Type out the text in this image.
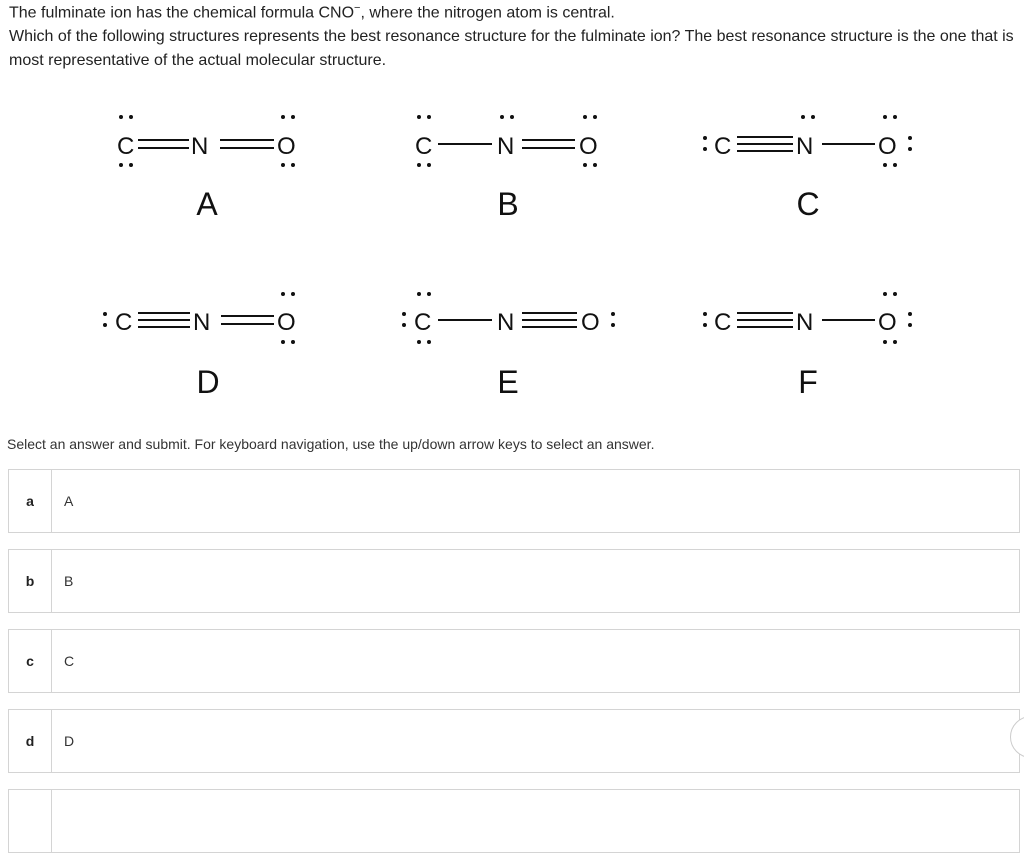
The fulminate ion has the chemical formula CNO−, where the nitrogen atom is central.
Which of the following structures represents the best resonance structure for the fulminate ion? The best resonance structure is the one that is most representative of the actual molecular structure.
C N	O
A
C	N	O
B
C	N	O
C
C	N	O
D
C	N	O
E
C	N	O
F
Select an answer and submit. For keyboard navigation, use the up/down arrow keys to select an answer.
a	A
b	B
c	C
d	D
